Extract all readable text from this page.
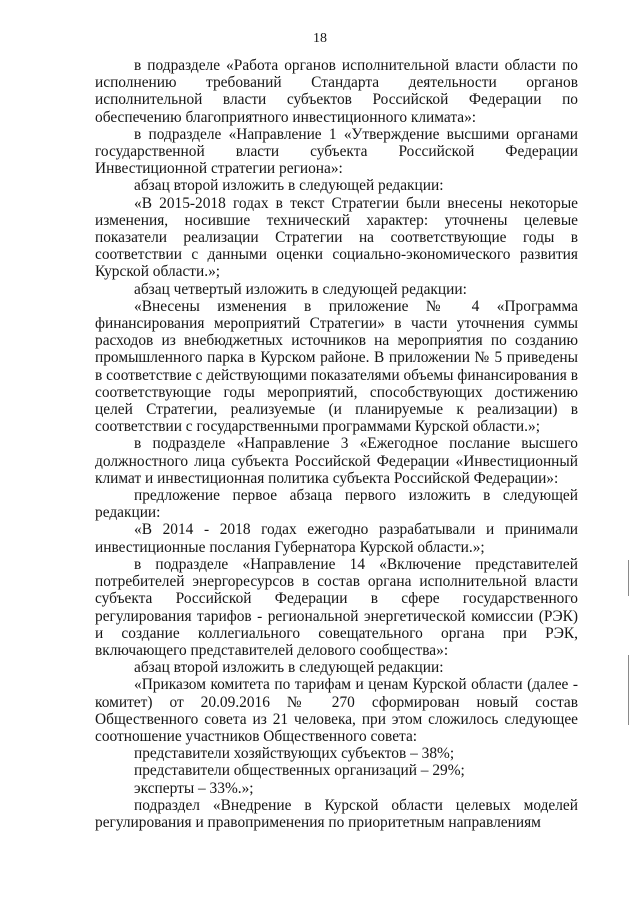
18

в подразделе «Работа органов исполнительной власти области по исполнению требований Стандарта деятельности органов исполнительной власти субъектов Российской Федерации по обеспечению благоприятного инвестиционного климата»:

в подразделе «Направление 1 «Утверждение высшими органами государственной власти субъекта Российской Федерации Инвестиционной стратегии региона»:

абзац второй изложить в следующей редакции:

«В 2015-2018 годах в текст Стратегии были внесены некоторые изменения, носившие технический характер: уточнены целевые показатели реализации Стратегии на соответствующие годы в соответствии с данными оценки социально-экономического развития Курской области.»;

абзац четвертый изложить в следующей редакции:

«Внесены изменения в приложение № 4 «Программа финансирования мероприятий Стратегии» в части уточнения суммы расходов из внебюджетных источников на мероприятия по созданию промышленного парка в Курском районе. В приложении № 5 приведены в соответствие с действующими показателями объемы финансирования в соответствующие годы мероприятий, способствующих достижению целей Стратегии, реализуемые (и планируемые к реализации) в соответствии с государственными программами Курской области.»;

в подразделе «Направление 3 «Ежегодное послание высшего должностного лица субъекта Российской Федерации «Инвестиционный климат и инвестиционная политика субъекта Российской Федерации»:

предложение первое абзаца первого изложить в следующей редакции:

«В 2014 - 2018 годах ежегодно разрабатывали и принимали инвестиционные послания Губернатора Курской области.»;

в подразделе «Направление 14 «Включение представителей потребителей энергоресурсов в состав органа исполнительной власти субъекта Российской Федерации в сфере государственного регулирования тарифов - региональной энергетической комиссии (РЭК) и создание коллегиального совещательного органа при РЭК, включающего представителей делового сообщества»:

абзац второй изложить в следующей редакции:

«Приказом комитета по тарифам и ценам Курской области (далее - комитет) от 20.09.2016 № 270 сформирован новый состав Общественного совета из 21 человека, при этом сложилось следующее соотношение участников Общественного совета:

представители хозяйствующих субъектов – 38%;

представители общественных организаций – 29%;

эксперты – 33%.»;

подраздел «Внедрение в Курской области целевых моделей регулирования и правоприменения по приоритетным направлениям
